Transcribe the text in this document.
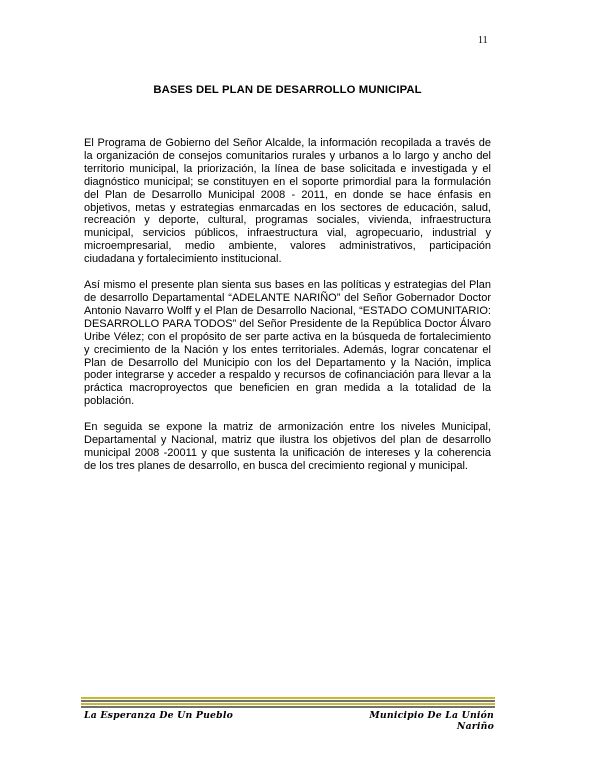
11
BASES DEL PLAN DE DESARROLLO MUNICIPAL

El Programa de Gobierno del Señor Alcalde, la información recopilada a través de la organización de consejos comunitarios rurales y urbanos a lo largo y ancho del territorio municipal, la priorización, la línea de base solicitada e investigada y el diagnóstico municipal; se constituyen en el soporte primordial para la formulación del Plan de Desarrollo Municipal 2008 - 2011, en donde se hace énfasis en objetivos, metas y estrategias enmarcadas en los sectores de educación, salud, recreación y deporte, cultural, programas sociales, vivienda, infraestructura municipal, servicios públicos, infraestructura vial, agropecuario, industrial y microempresarial, medio ambiente, valores administrativos, participación ciudadana y fortalecimiento institucional.

Así mismo el presente plan sienta sus bases en las políticas y estrategias del Plan de desarrollo Departamental “ADELANTE NARIÑO” del Señor Gobernador Doctor Antonio Navarro Wolff y el Plan de Desarrollo Nacional, “ESTADO COMUNITARIO: DESARROLLO PARA TODOS” del Señor Presidente de la República Doctor Álvaro Uribe Vélez; con el propósito de ser parte activa en la búsqueda de fortalecimiento y crecimiento de la Nación y los entes territoriales. Además, lograr concatenar el Plan de Desarrollo del Municipio con los del Departamento y la Nación, implica poder integrarse y acceder a respaldo y recursos de cofinanciación para llevar a la práctica macroproyectos que beneficien en gran medida a la totalidad de la población.

En seguida se expone la matriz de armonización entre los niveles Municipal, Departamental y Nacional, matriz que ilustra los objetivos del plan de desarrollo municipal 2008 -20011 y que sustenta la unificación de intereses y la coherencia de los tres planes de desarrollo, en busca del crecimiento regional y municipal.

La Esperanza De Un Pueblo	Municipio De La Unión Nariño
